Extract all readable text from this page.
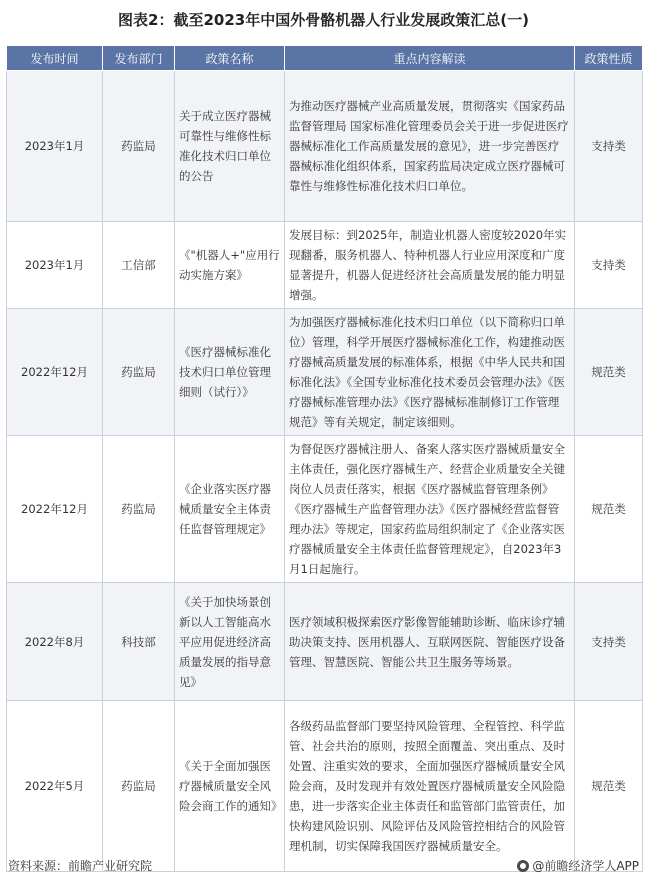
图表2：截至2023年中国外骨骼机器人行业发展政策汇总(一)
发布时间	发布部门	政策名称	重点内容解读	政策性质
2023年1月	药监局	关于成立医疗器械可靠性与维修性标准化技术归口单位的公告	为推动医疗器械产业高质量发展，贯彻落实《国家药品监督管理局 国家标准化管理委员会关于进一步促进医疗器械标准化工作高质量发展的意见》，进一步完善医疗器械标准化组织体系，国家药监局决定成立医疗器械可靠性与维修性标准化技术归口单位。	支持类
2023年1月	工信部	《"机器人+"应用行动实施方案》	发展目标：到2025年，制造业机器人密度较2020年实现翻番，服务机器人、特种机器人行业应用深度和广度显著提升，机器人促进经济社会高质量发展的能力明显增强。	支持类
2022年12月	药监局	《医疗器械标准化技术归口单位管理细则（试行）》	为加强医疗器械标准化技术归口单位（以下简称归口单位）管理，科学开展医疗器械标准化工作，构建推动医疗器械高质量发展的标准体系，根据《中华人民共和国标准化法》《全国专业标准化技术委员会管理办法》《医疗器械标准管理办法》《医疗器械标准制修订工作管理规范》等有关规定，制定该细则。	规范类
2022年12月	药监局	《企业落实医疗器械质量安全主体责任监督管理规定》	为督促医疗器械注册人、备案人落实医疗器械质量安全主体责任，强化医疗器械生产、经营企业质量安全关键岗位人员责任落实，根据《医疗器械监督管理条例》《医疗器械生产监督管理办法》《医疗器械经营监督管理办法》等规定，国家药监局组织制定了《企业落实医疗器械质量安全主体责任监督管理规定》，自2023年3月1日起施行。	规范类
2022年8月	科技部	《关于加快场景创新以人工智能高水平应用促进经济高质量发展的指导意见》	医疗领域积极探索医疗影像智能辅助诊断、临床诊疗辅助决策支持、医用机器人、互联网医院、智能医疗设备管理、智慧医院、智能公共卫生服务等场景。	支持类
2022年5月	药监局	《关于全面加强医疗器械质量安全风险会商工作的通知》	各级药品监督部门要坚持风险管理、全程管控、科学监管、社会共治的原则，按照全面覆盖、突出重点、及时处置、注重实效的要求，全面加强医疗器械质量安全风险会商，及时发现并有效处置医疗器械质量安全风险隐患，进一步落实企业主体责任和监管部门监管责任，加快构建风险识别、风险评估及风险管控相结合的风险管理机制，切实保障我国医疗器械质量安全。	规范类
资料来源：前瞻产业研究院	@前瞻经济学人APP
